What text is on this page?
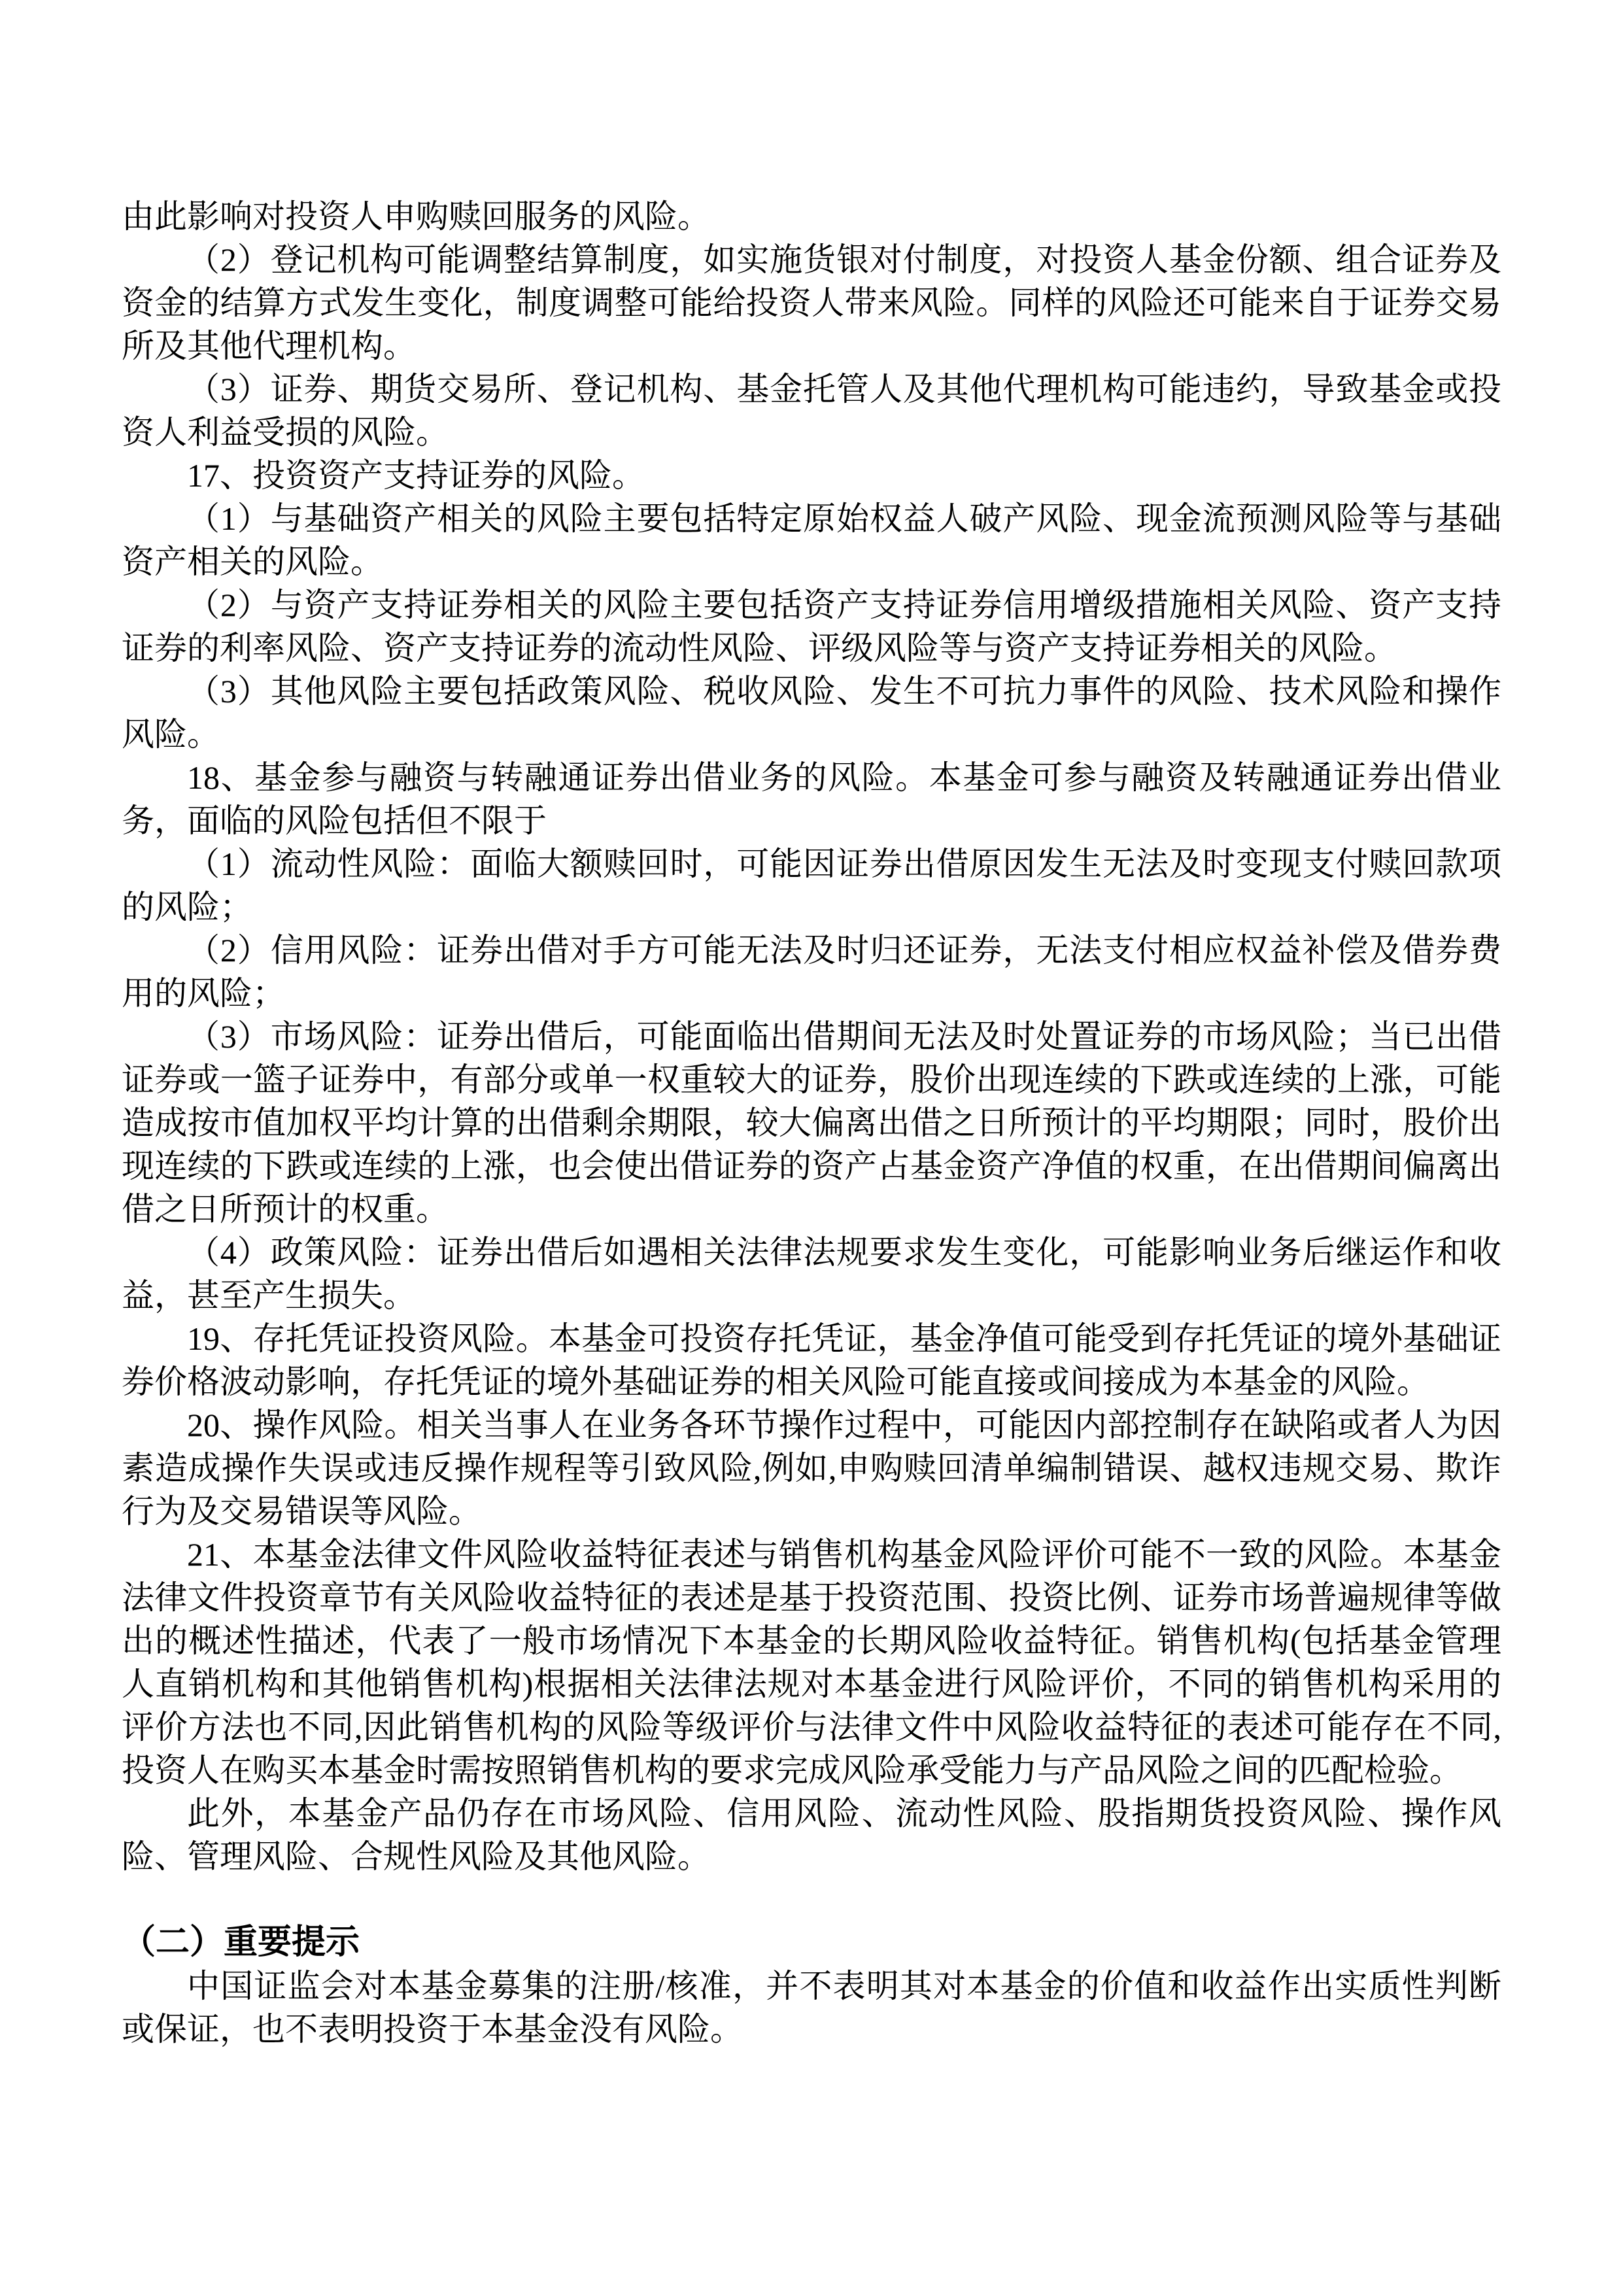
由此影响对投资人申购赎回服务的风险。

（2）登记机构可能调整结算制度，如实施货银对付制度，对投资人基金份额、组合证券及资金的结算方式发生变化，制度调整可能给投资人带来风险。同样的风险还可能来自于证券交易所及其他代理机构。

（3）证券、期货交易所、登记机构、基金托管人及其他代理机构可能违约，导致基金或投资人利益受损的风险。

17、投资资产支持证券的风险。

（1）与基础资产相关的风险主要包括特定原始权益人破产风险、现金流预测风险等与基础资产相关的风险。

（2）与资产支持证券相关的风险主要包括资产支持证券信用增级措施相关风险、资产支持证券的利率风险、资产支持证券的流动性风险、评级风险等与资产支持证券相关的风险。

（3）其他风险主要包括政策风险、税收风险、发生不可抗力事件的风险、技术风险和操作风险。

18、基金参与融资与转融通证券出借业务的风险。本基金可参与融资及转融通证券出借业务，面临的风险包括但不限于

（1）流动性风险：面临大额赎回时，可能因证券出借原因发生无法及时变现支付赎回款项的风险；

（2）信用风险：证券出借对手方可能无法及时归还证券，无法支付相应权益补偿及借券费用的风险；

（3）市场风险：证券出借后，可能面临出借期间无法及时处置证券的市场风险；当已出借证券或一篮子证券中，有部分或单一权重较大的证券，股价出现连续的下跌或连续的上涨，可能造成按市值加权平均计算的出借剩余期限，较大偏离出借之日所预计的平均期限；同时，股价出现连续的下跌或连续的上涨，也会使出借证券的资产占基金资产净值的权重，在出借期间偏离出借之日所预计的权重。

（4）政策风险：证券出借后如遇相关法律法规要求发生变化，可能影响业务后继运作和收益，甚至产生损失。

19、存托凭证投资风险。本基金可投资存托凭证，基金净值可能受到存托凭证的境外基础证券价格波动影响，存托凭证的境外基础证券的相关风险可能直接或间接成为本基金的风险。

20、操作风险。相关当事人在业务各环节操作过程中，可能因内部控制存在缺陷或者人为因素造成操作失误或违反操作规程等引致风险,例如,申购赎回清单编制错误、越权违规交易、欺诈行为及交易错误等风险。

21、本基金法律文件风险收益特征表述与销售机构基金风险评价可能不一致的风险。本基金法律文件投资章节有关风险收益特征的表述是基于投资范围、投资比例、证券市场普遍规律等做出的概述性描述，代表了一般市场情况下本基金的长期风险收益特征。销售机构(包括基金管理人直销机构和其他销售机构)根据相关法律法规对本基金进行风险评价，不同的销售机构采用的评价方法也不同,因此销售机构的风险等级评价与法律文件中风险收益特征的表述可能存在不同,投资人在购买本基金时需按照销售机构的要求完成风险承受能力与产品风险之间的匹配检验。

此外，本基金产品仍存在市场风险、信用风险、流动性风险、股指期货投资风险、操作风险、管理风险、合规性风险及其他风险。

（二）重要提示

中国证监会对本基金募集的注册/核准，并不表明其对本基金的价值和收益作出实质性判断或保证，也不表明投资于本基金没有风险。
